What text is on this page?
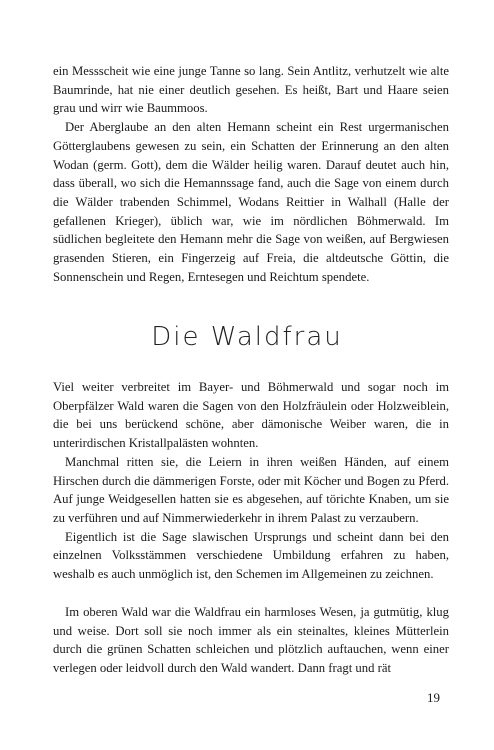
ein Messscheit wie eine junge Tanne so lang. Sein Antlitz, verhutzelt wie alte Baumrinde, hat nie einer deutlich gesehen. Es heißt, Bart und Haare seien grau und wirr wie Baummoos.

Der Aberglaube an den alten Hemann scheint ein Rest urgermanischen Götterglaubens gewesen zu sein, ein Schatten der Erinnerung an den alten Wodan (germ. Gott), dem die Wälder heilig waren. Darauf deutet auch hin, dass überall, wo sich die Hemannssage fand, auch die Sage von einem durch die Wälder trabenden Schimmel, Wodans Reittier in Walhall (Halle der gefallenen Krieger), üblich war, wie im nördlichen Böhmerwald. Im südlichen begleitete den Hemann mehr die Sage von weißen, auf Bergwiesen grasenden Stieren, ein Fingerzeig auf Freia, die altdeutsche Göttin, die Sonnenschein und Regen, Erntesegen und Reichtum spendete.

Die Waldfrau

Viel weiter verbreitet im Bayer- und Böhmerwald und sogar noch im Oberpfälzer Wald waren die Sagen von den Holzfräulein oder Holzweiblein, die bei uns berückend schöne, aber dämonische Weiber waren, die in unterirdischen Kristallpalästen wohnten.

Manchmal ritten sie, die Leiern in ihren weißen Händen, auf einem Hirschen durch die dämmerigen Forste, oder mit Köcher und Bogen zu Pferd. Auf junge Weidgesellen hatten sie es abgesehen, auf törichte Knaben, um sie zu verführen und auf Nimmerwiederkehr in ihrem Palast zu verzaubern.

Eigentlich ist die Sage slawischen Ursprungs und scheint dann bei den einzelnen Volksstämmen verschiedene Umbildung erfahren zu haben, weshalb es auch unmöglich ist, den Schemen im Allgemeinen zu zeichnen.

Im oberen Wald war die Waldfrau ein harmloses Wesen, ja gutmütig, klug und weise. Dort soll sie noch immer als ein steinaltes, kleines Mütterlein durch die grünen Schatten schleichen und plötzlich auftauchen, wenn einer verlegen oder leidvoll durch den Wald wandert. Dann fragt und rät

19
